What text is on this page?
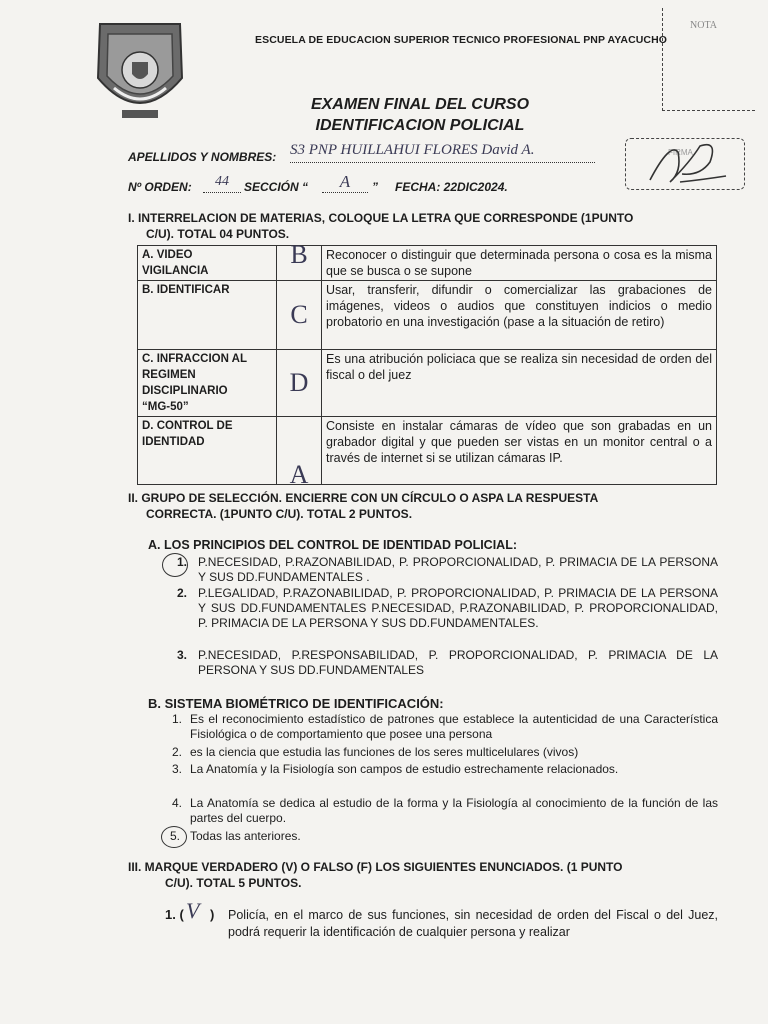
ESCUELA DE EDUCACION SUPERIOR TECNICO PROFESIONAL PNP AYACUCHO
NOTA
EXAMEN FINAL DEL CURSO
IDENTIFICACION POLICIAL
FIRMA
APELLIDOS Y NOMBRES: S3 PNP HUILLAHUI FLORES David A.
Nº ORDEN:	44	SECCIÓN “	A	” FECHA: 22DIC2024.
I. INTERRELACION DE MATERIAS, COLOQUE LA LETRA QUE CORRESPONDE (1PUNTO
C/U). TOTAL 04 PUNTOS.
A. VIDEO
VIGILANCIA	B	Reconocer o distinguir que determinada persona o cosa es la misma que se busca o se supone
B. IDENTIFICAR	C	Usar, transferir, difundir o comercializar las grabaciones de imágenes, videos o audios que constituyen indicios o medio probatorio en una investigación (pase a la situación de retiro)
C. INFRACCION AL
REGIMEN
DISCIPLINARIO
“MG-50”	D	Es una atribución policiaca que se realiza sin necesidad de orden del fiscal o del juez
D. CONTROL DE
IDENTIDAD	A	Consiste en instalar cámaras de vídeo que son grabadas en un grabador digital y que pueden ser vistas en un monitor central o a través de internet si se utilizan cámaras IP.
II. GRUPO DE SELECCIÓN. ENCIERRE CON UN CÍRCULO O ASPA LA RESPUESTA
CORRECTA. (1PUNTO C/U). TOTAL 2 PUNTOS.
A. LOS PRINCIPIOS DEL CONTROL DE IDENTIDAD POLICIAL:
1. P.NECESIDAD, P.RAZONABILIDAD, P. PROPORCIONALIDAD, P. PRIMACIA DE LA PERSONA Y SUS DD.FUNDAMENTALES .
2. P.LEGALIDAD, P.RAZONABILIDAD, P. PROPORCIONALIDAD, P. PRIMACIA DE LA PERSONA Y SUS DD.FUNDAMENTALES P.NECESIDAD, P.RAZONABILIDAD, P. PROPORCIONALIDAD, P. PRIMACIA DE LA PERSONA Y SUS DD.FUNDAMENTALES.
3. P.NECESIDAD, P.RESPONSABILIDAD, P. PROPORCIONALIDAD, P. PRIMACIA DE LA PERSONA Y SUS DD.FUNDAMENTALES
B. SISTEMA BIOMÉTRICO DE IDENTIFICACIÓN:
1. Es el reconocimiento estadístico de patrones que establece la autenticidad de una Característica Fisiológica o de comportamiento que posee una persona
2. es la ciencia que estudia las funciones de los seres multicelulares (vivos)
3. La Anatomía y la Fisiología son campos de estudio estrechamente relacionados.
4. La Anatomía se dedica al estudio de la forma y la Fisiología al conocimiento de la función de las partes del cuerpo.
5. Todas las anteriores.
III. MARQUE VERDADERO (V) O FALSO (F) LOS SIGUIENTES ENUNCIADOS. (1 PUNTO
C/U). TOTAL 5 PUNTOS.
1. ( V ) Policía, en el marco de sus funciones, sin necesidad de orden del Fiscal o del Juez, podrá requerir la identificación de cualquier persona y realizar
